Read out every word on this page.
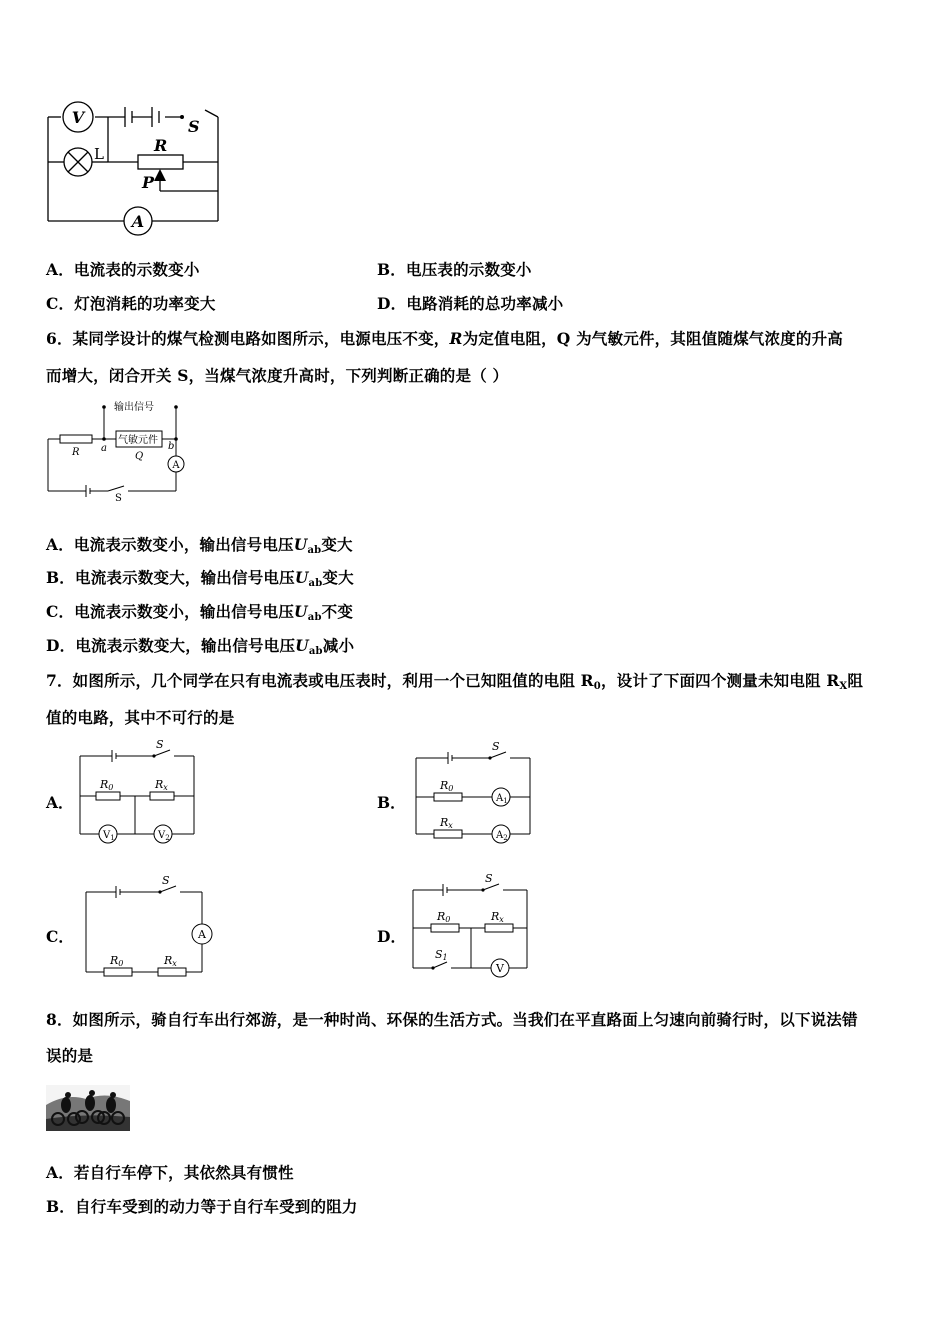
V	S
L	R
P
A
A．电流表的示数变小	B．电压表的示数变小
C．灯泡消耗的功率变大	D．电路消耗的总功率减小
6．某同学设计的煤气检测电路如图所示，电源电压不变，R为定值电阻，Q 为气敏元件，其阻值随煤气浓度的升高
而增大，闭合开关 S，当煤气浓度升高时，下列判断正确的是（ ）
输出信号
气敏元件
R a
Q
b
A
S
A．电流表示数变小，输出信号电压$U_{ab}$变大
B．电流表示数变大，输出信号电压$U_{ab}$变大
C．电流表示数变小，输出信号电压$U_{ab}$不变
D．电流表示数变大，输出信号电压$U_{ab}$减小
7．如图所示，几个同学在只有电流表或电压表时，利用一个已知阻值的电阻 $R_0$，设计了下面四个测量未知电阻 $R_X$阻
值的电路，其中不可行的是
A．	B．
C．	D．
S
R0	Rx
$V_1$	$V_2$
S
R0
Rx
$A_1$
$A_2$
S
A
R0	Rx
S
R0	Rx
S1
V
8．如图所示，骑自行车出行郊游，是一种时尚、环保的生活方式。当我们在平直路面上匀速向前骑行时，以下说法错
误的是
A．若自行车停下，其依然具有惯性
B．自行车受到的动力等于自行车受到的阻力
